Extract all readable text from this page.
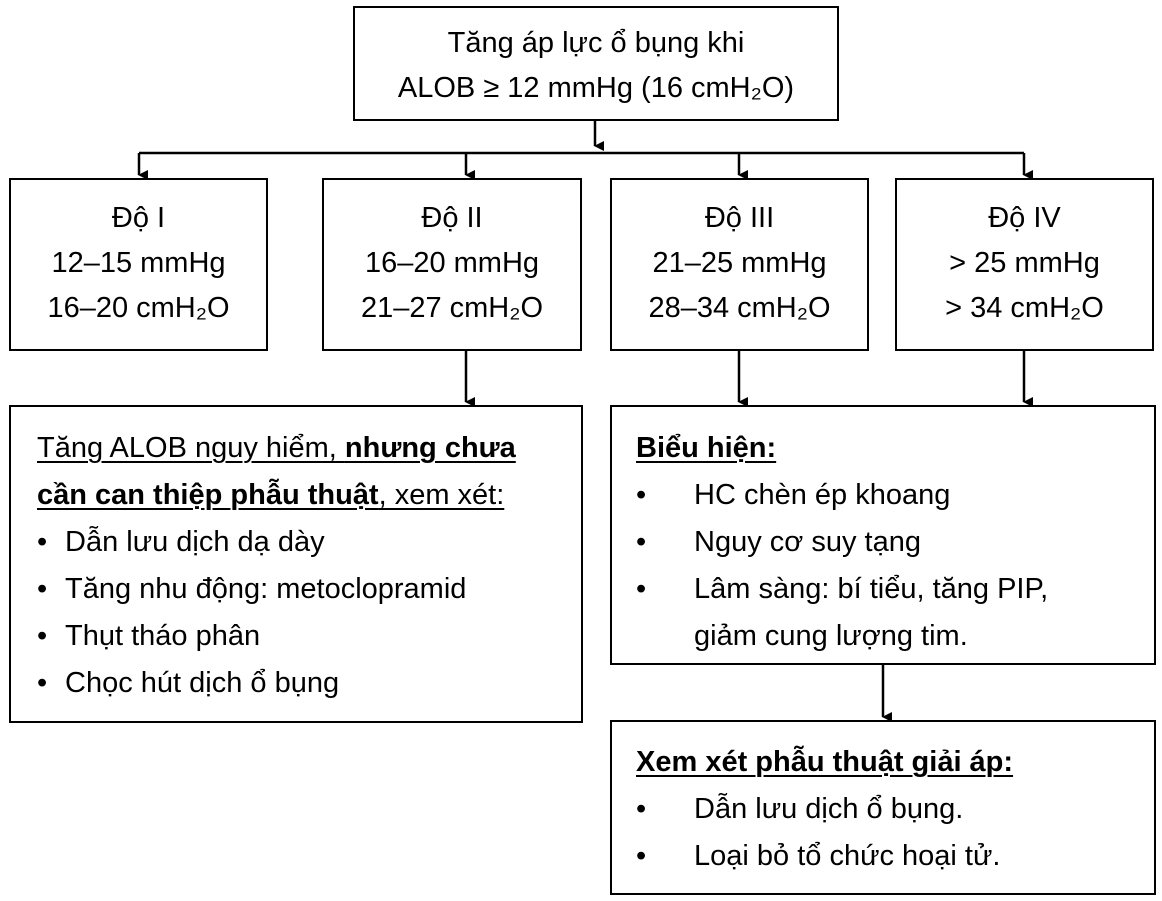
Tăng áp lực ổ bụng khi
ALOB ≥ 12 mmHg (16 cmH₂O)
Độ I
12–15 mmHg
16–20 cmH₂O
Độ II
16–20 mmHg
21–27 cmH₂O
Độ III
21–25 mmHg
28–34 cmH₂O
Độ IV
> 25 mmHg
> 34 cmH₂O
Tăng ALOB nguy hiểm, nhưng chưa
cần can thiệp phẫu thuật, xem xét:
• Dẫn lưu dịch dạ dày
• Tăng nhu động: metoclopramid
• Thụt tháo phân
• Chọc hút dịch ổ bụng
Biểu hiện:
• HC chèn ép khoang
• Nguy cơ suy tạng
• Lâm sàng: bí tiểu, tăng PIP,
giảm cung lượng tim.
Xem xét phẫu thuật giải áp:
• Dẫn lưu dịch ổ bụng.
• Loại bỏ tổ chức hoại tử.
